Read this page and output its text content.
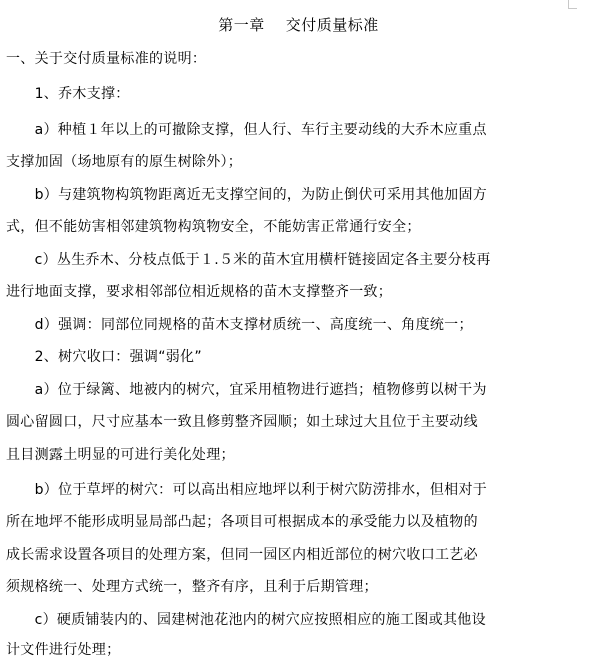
第一章    交付质量标准
一、关于交付质量标准的说明：
　　1、乔木支撑：
　　a）种植１年以上的可撤除支撑，但人行、车行主要动线的大乔木应重点
支撑加固（场地原有的原生树除外）；
　　b）与建筑物构筑物距离近无支撑空间的，为防止倒伏可采用其他加固方
式，但不能妨害相邻建筑物构筑物安全，不能妨害正常通行安全；
　　c）丛生乔木、分枝点低于１.５米的苗木宜用横杆链接固定各主要分枝再
进行地面支撑，要求相邻部位相近规格的苗木支撑整齐一致；
　　d）强调：同部位同规格的苗木支撑材质统一、高度统一、角度统一；
　　2、树穴收口：强调“弱化”
　　a）位于绿篱、地被内的树穴，宜采用植物进行遮挡；植物修剪以树干为
圆心留圆口，尺寸应基本一致且修剪整齐园顺；如土球过大且位于主要动线
且目测露土明显的可进行美化处理；
　　b）位于草坪的树穴：可以高出相应地坪以利于树穴防涝排水，但相对于
所在地坪不能形成明显局部凸起；各项目可根据成本的承受能力以及植物的
成长需求设置各项目的处理方案，但同一园区内相近部位的树穴收口工艺必
须规格统一、处理方式统一，整齐有序，且利于后期管理；
　　c）硬质铺装内的、园建树池花池内的树穴应按照相应的施工图或其他设
计文件进行处理；
